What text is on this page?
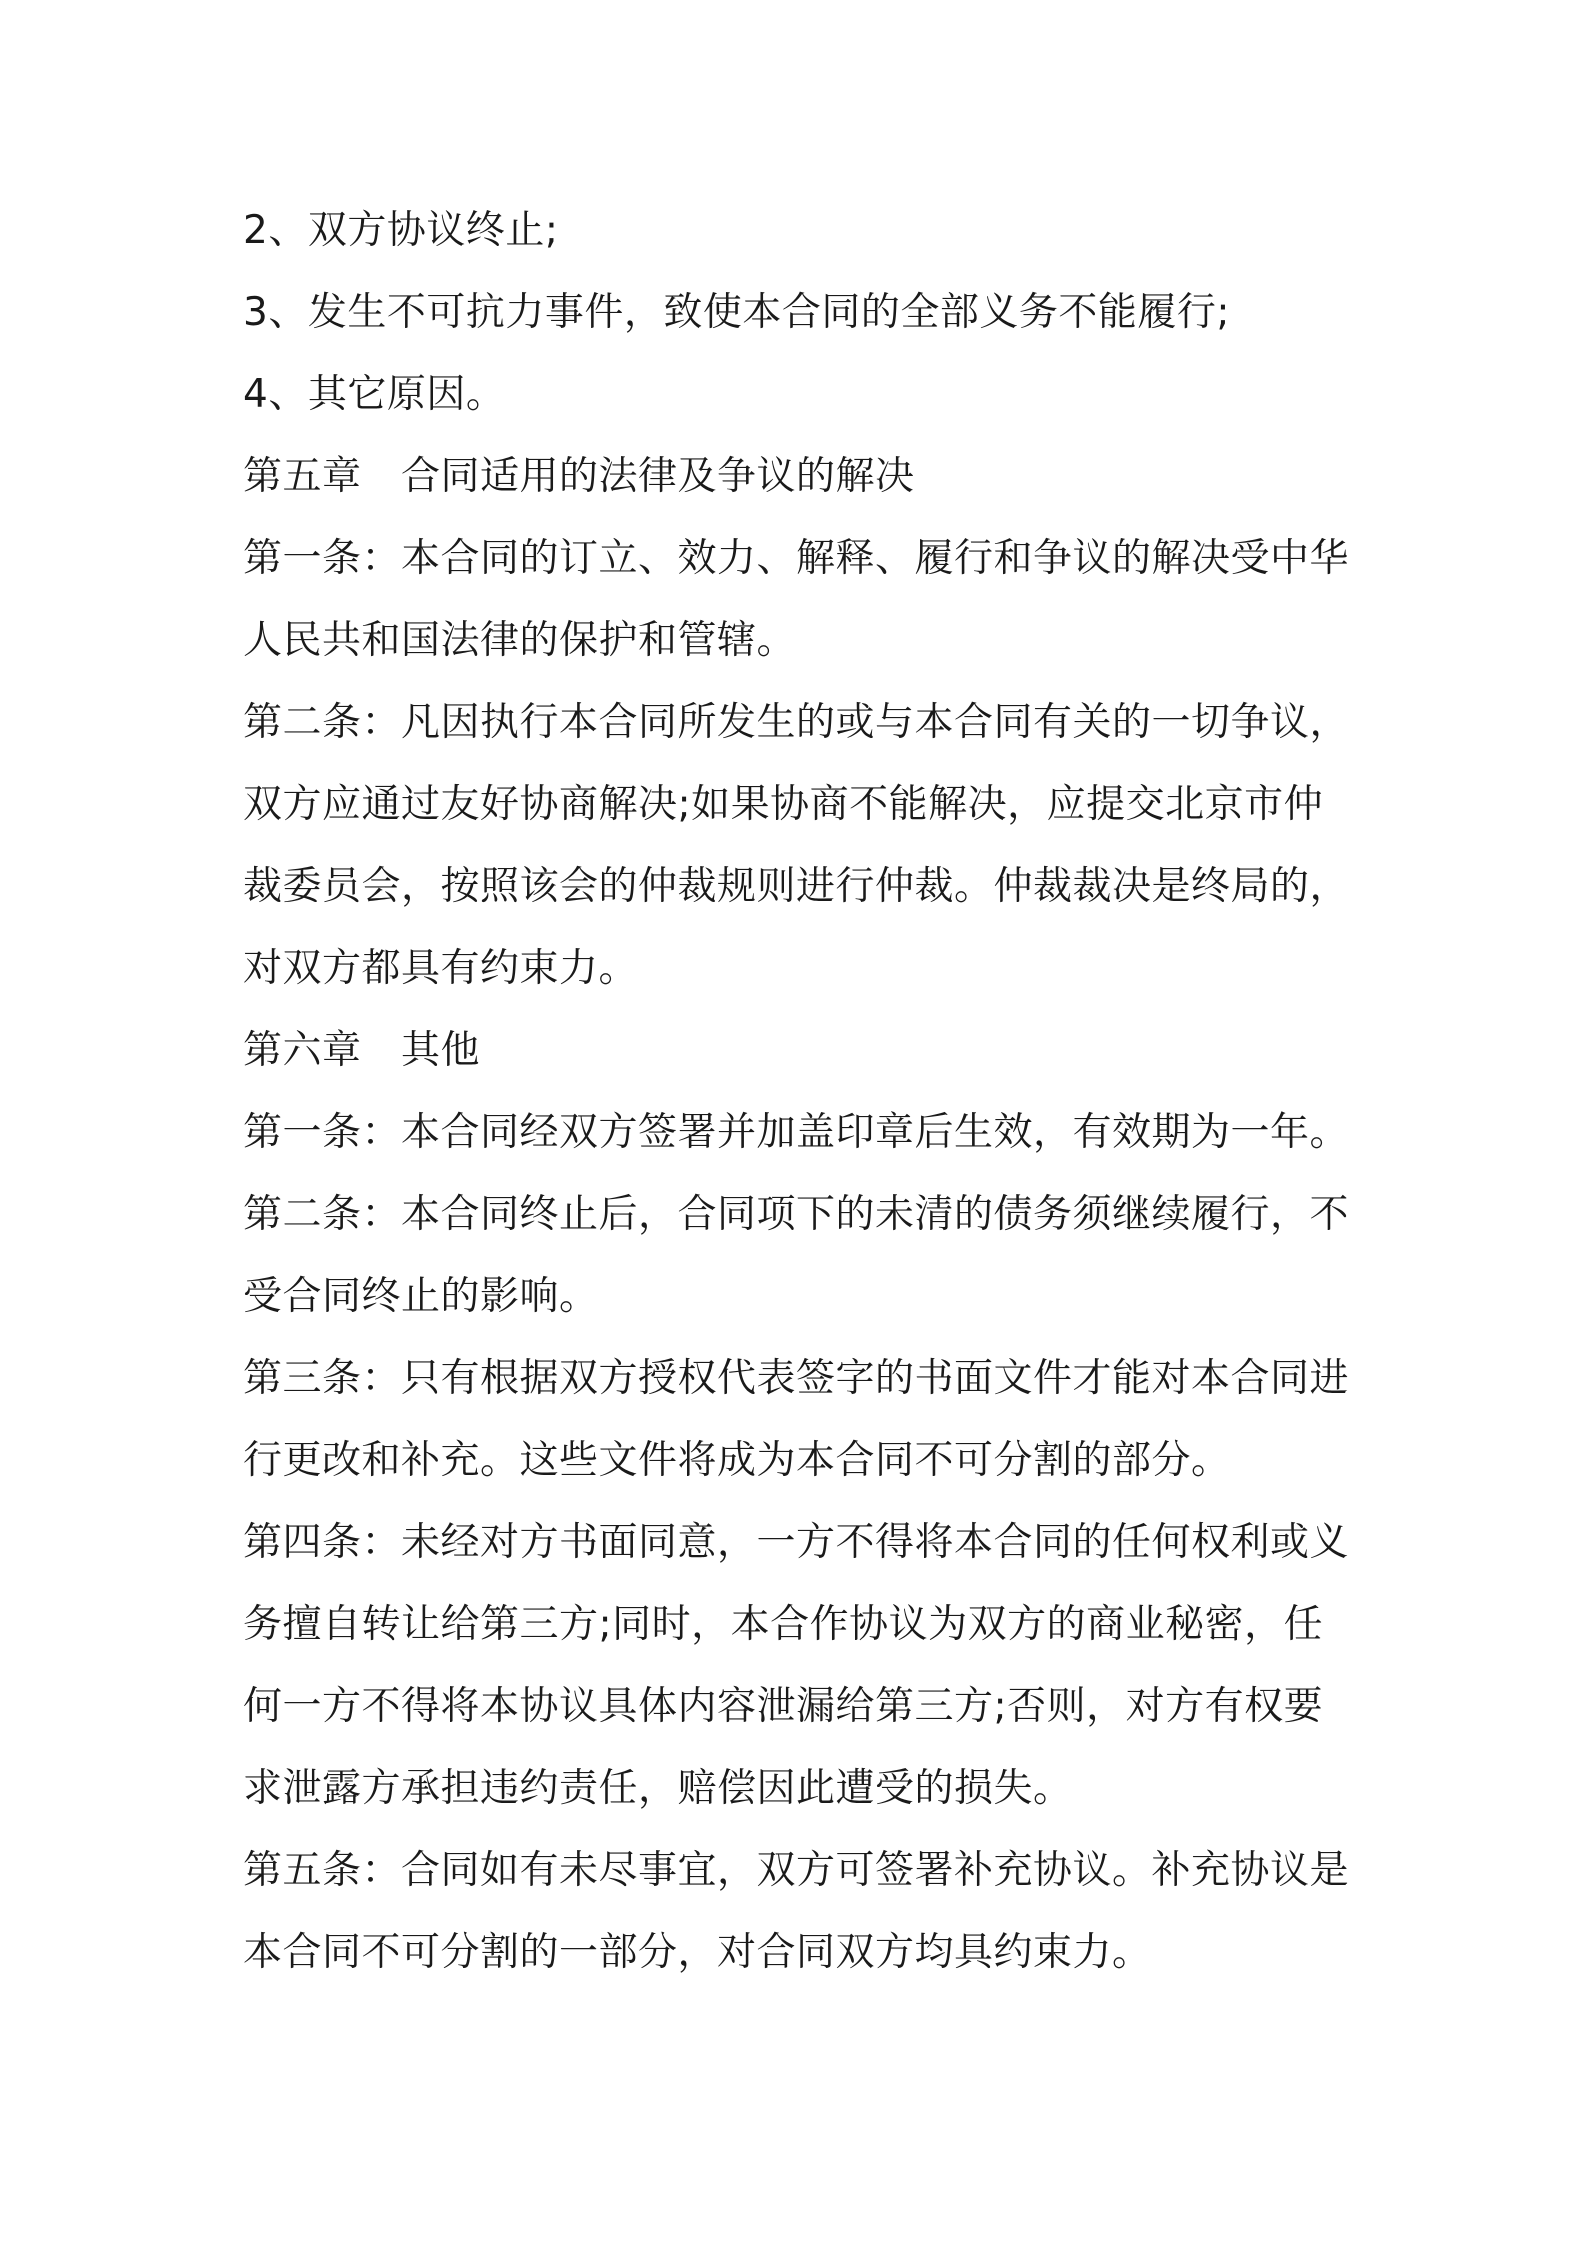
2、双方协议终止;
3、发生不可抗力事件，致使本合同的全部义务不能履行;
4、其它原因。
第五章　合同适用的法律及争议的解决
第一条：本合同的订立、效力、解释、履行和争议的解决受中华
人民共和国法律的保护和管辖。
第二条：凡因执行本合同所发生的或与本合同有关的一切争议，
双方应通过友好协商解决;如果协商不能解决，应提交北京市仲
裁委员会，按照该会的仲裁规则进行仲裁。仲裁裁决是终局的，
对双方都具有约束力。
第六章　其他
第一条：本合同经双方签署并加盖印章后生效，有效期为一年。
第二条：本合同终止后，合同项下的未清的债务须继续履行，不
受合同终止的影响。
第三条：只有根据双方授权代表签字的书面文件才能对本合同进
行更改和补充。这些文件将成为本合同不可分割的部分。
第四条：未经对方书面同意，一方不得将本合同的任何权利或义
务擅自转让给第三方;同时，本合作协议为双方的商业秘密，任
何一方不得将本协议具体内容泄漏给第三方;否则，对方有权要
求泄露方承担违约责任，赔偿因此遭受的损失。
第五条：合同如有未尽事宜，双方可签署补充协议。补充协议是
本合同不可分割的一部分，对合同双方均具约束力。
